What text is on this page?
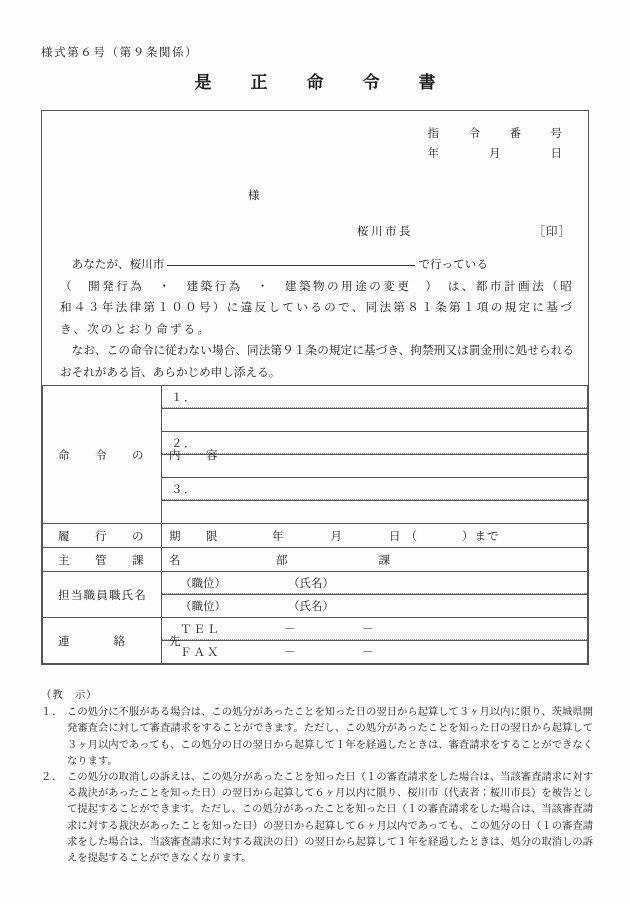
様式第６号（第９条関係）
是　正　命　令　書
指　令　番　号
年　　月　　日
様
桜川市長	［印］

あなたが、桜川市	で行っている
（　開発行為　・　建築行為　・　建築物の用途の変更　）　は、都市計画法（昭和４３年法律第１００号）に違反しているので、同法第８１条第１項の規定に基づき、次のとおり命ずる。

なお、この命令に従わない場合、同法第９１条の規定に基づき、拘禁刑又は罰金刑に処せられるおそれがある旨、あらかじめ申し添える。

命　令　の　内　容	１．

	２．

	３．

履　行　の　期　限	年 月 日 （ ）まで

主　管　課　名	部 課

担当職員職氏名	（職位） （氏名）

	（職位） （氏名）

連　　絡　　先	ＴＥＬ － －

	ＦＡＸ － －
（教　示）
１． この処分に不服がある場合は、この処分があったことを知った日の翌日から起算して３ヶ月以内に限り、茨城県開発審査会に対して審査請求をすることができます。ただし、この処分があったことを知った日の翌日から起算して３ヶ月以内であっても、この処分の日の翌日から起算して１年を経過したときは、審査請求をすることができなくなります。
２． この処分の取消しの訴えは、この処分があったことを知った日（１の審査請求をした場合は、当該審査請求に対する裁決があったことを知った日）の翌日から起算して６ヶ月以内に限り、桜川市（代表者：桜川市長）を被告として提起することができます。ただし、この処分があったことを知った日（１の審査請求をした場合は、当該審査請求に対する裁決があったことを知った日）の翌日から起算して６ヶ月以内であっても、この処分の日（１の審査請求をした場合は、当該審査請求に対する裁決の日）の翌日から起算して１年を経過したときは、処分の取消しの訴えを提起することができなくなります。
